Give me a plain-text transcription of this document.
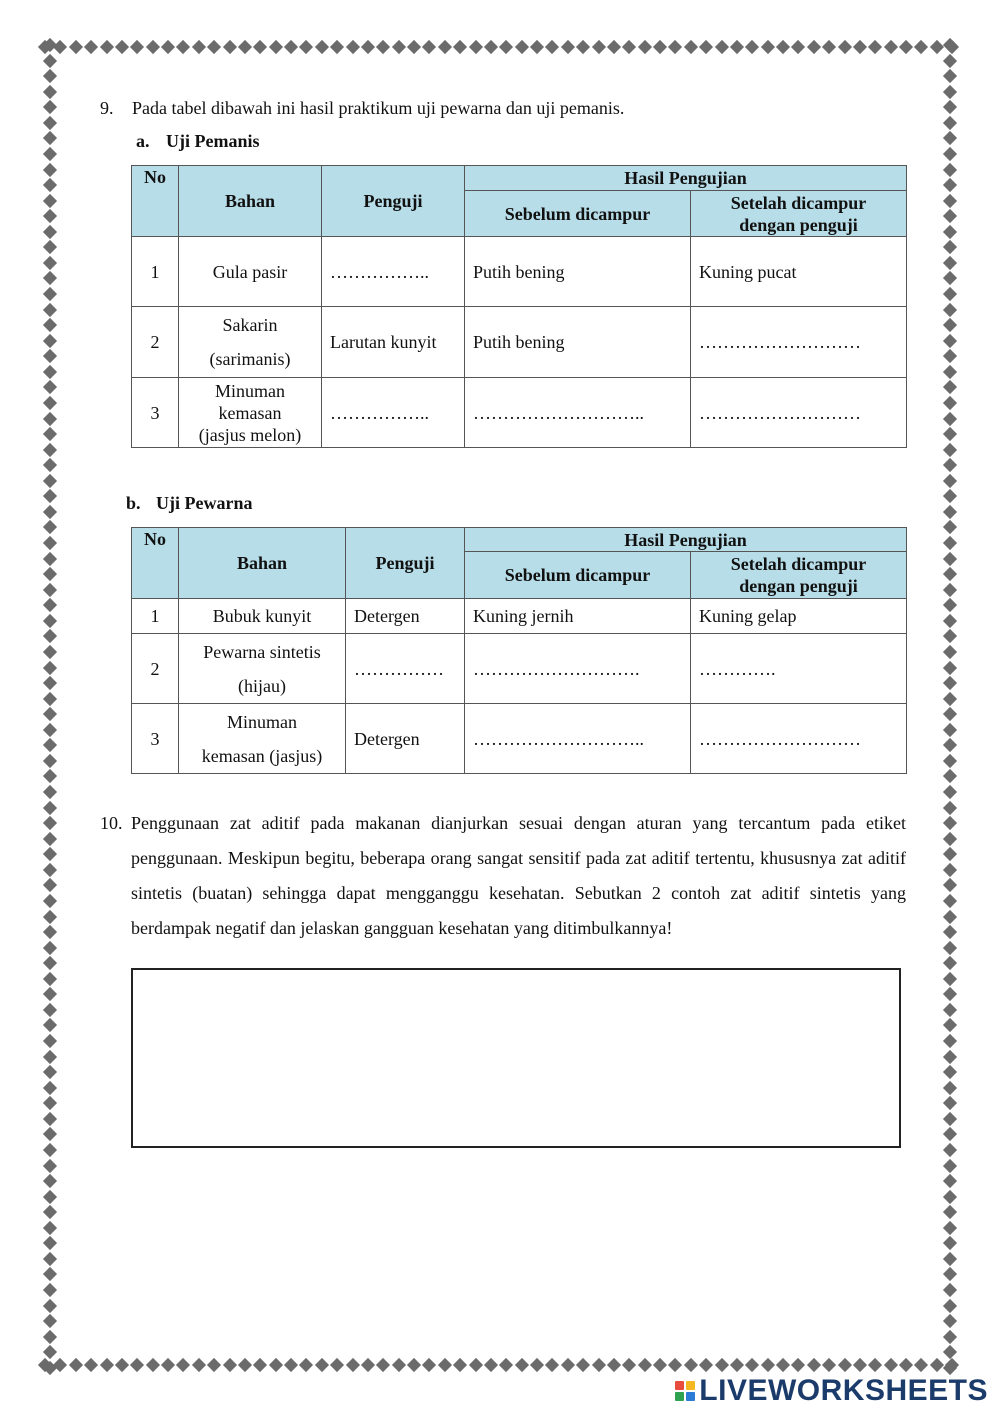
9. Pada tabel dibawah ini hasil praktikum uji pewarna dan uji pemanis.
a. Uji Pemanis
No	Bahan	Penguji	Hasil Pengujian	
			Sebelum dicampur	Setelah dicampur
dengan penguji

1	Gula pasir	……………..	Putih bening	Kuning pucat
2	Sakarin
(sarimanis)	Larutan kunyit	Putih bening	………………………
3	Minuman
kemasan
(jasjus melon)	……………..	………………………..	………………………
b. Uji Pewarna
No	Bahan	Penguji	Hasil Pengujian	
			Sebelum dicampur	Setelah dicampur
dengan penguji

1	Bubuk kunyit	Detergen	Kuning jernih	Kuning gelap
2	Pewarna sintetis
(hijau)	……………	……………………….	………….
3	Minuman
kemasan (jasjus)	Detergen	………………………..	………………………
10. Penggunaan zat aditif pada makanan dianjurkan sesuai dengan aturan yang tercantum pada etiket penggunaan. Meskipun begitu, beberapa orang sangat sensitif pada zat aditif tertentu, khususnya zat aditif sintetis (buatan) sehingga dapat mengganggu kesehatan. Sebutkan 2 contoh zat aditif sintetis yang berdampak negatif dan jelaskan gangguan kesehatan yang ditimbulkannya!
LIVEWORKSHEETS
